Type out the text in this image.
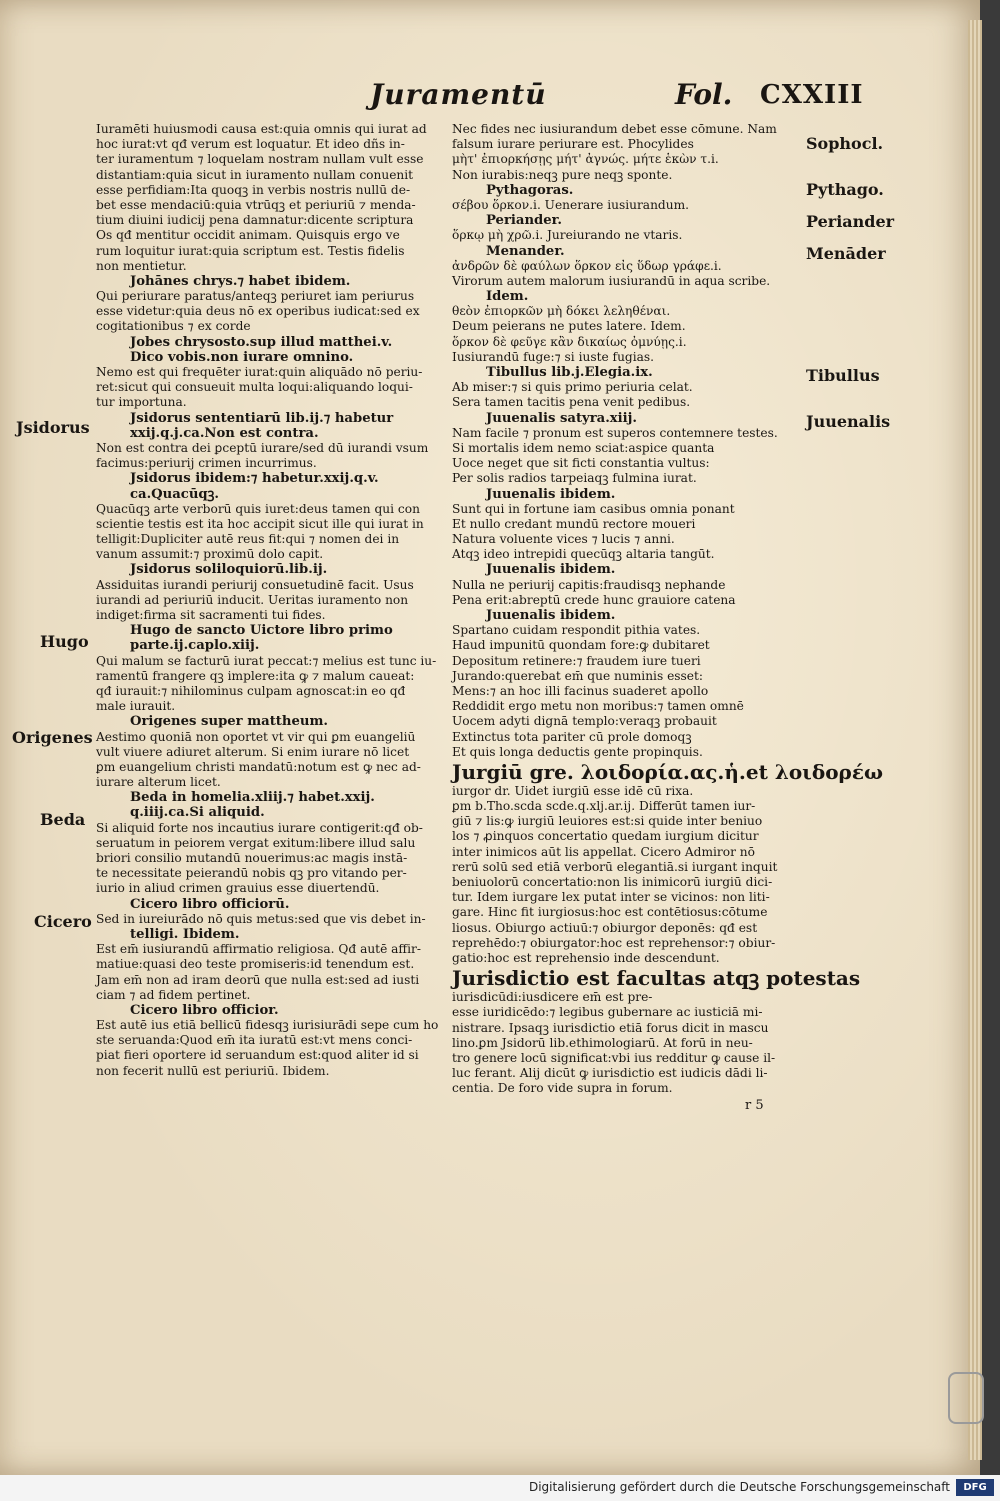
Juramentū	Fol. CXXIII
Iuramēti huiusmodi causa est:quia omnis qui iurat ad
hoc iurat:vt qđ verum est loquatur. Et ideo dñs in-
ter iuramentum ⁊ loquelam nostram nullam vult esse
distantiam:quia sicut in iuramento nullam conuenit
esse perfidiam:Ita quoqꝫ in verbis nostris nullū de-
bet esse mendaciū:quia vtrūqꝫ et periuriū ⁊ menda-
tium diuini iudicij pena damnatur:dicente scriptura
Os qđ mentitur occidit animam. Quisquis ergo ve
rum loquitur iurat:quia scriptum est. Testis fidelis
non mentietur.
Johānes chrys.⁊ habet ibidem.
Qui periurare paratus/anteqꝫ periuret iam periurus
esse videtur:quia deus nō ex operibus iudicat:sed ex
cogitationibus ⁊ ex corde
Jobes chrysosto.sup illud matthei.v.
Dico vobis.non iurare omnino.
Nemo est qui frequēter iurat:quin aliquādo nō periu-
ret:sicut qui consueuit multa loqui:aliquando loqui-
tur importuna.
Jsidorus sententiarū lib.ij.⁊ habetur
xxij.q.j.ca.Non est contra.
Non est contra dei ꝑceptū iurare/sed dū iurandi vsum
facimus:periurij crimen incurrimus.
Jsidorus ibidem:⁊ habetur.xxij.q.v.
ca.Quacūqꝫ.
Quacūqꝫ arte verborū quis iuret:deus tamen qui con
scientie testis est ita hoc accipit sicut ille qui iurat in
telligit:Dupliciter autē reus fit:qui ⁊ nomen dei in
vanum assumit:⁊ proximū dolo capit.
Jsidorus soliloquiorū.lib.ij.
Assiduitas iurandi periurij consuetudinē facit. Usus
iurandi ad periuriū inducit. Ueritas iuramento non
indiget:firma sit sacramenti tui fides.
Hugo de sancto Uictore libro primo
parte.ij.caplo.xiij.
Qui malum se facturū iurat peccat:⁊ melius est tunc iu-
ramentū frangere qꝫ implere:ita ꝙ ⁊ malum caueat:
qđ iurauit:⁊ nihilominus culpam agnoscat:in eo qđ
male iurauit.
Origenes super mattheum.
Aestimo quoniā non oportet vt vir qui ꝑm euangeliū
vult viuere adiuret alterum. Si enim iurare nō licet
ꝑm euangelium christi mandatū:notum est ꝙ nec ad-
iurare alterum licet.
Beda in homelia.xliij.⁊ habet.xxij.
q.iiij.ca.Si aliquid.
Si aliquid forte nos incautius iurare contigerit:qđ ob-
seruatum in peiorem vergat exitum:libere illud salu
briori consilio mutandū nouerimus:ac magis instā-
te necessitate peierandū nobis qꝫ pro vitando per-
iurio in aliud crimen grauius esse diuertendū.
Cicero libro officiorū.
Sed in iureiurādo nō quis metus:sed que vis debet in-
telligi. Ibidem.
Est em̄ iusiurandū affirmatio religiosa. Qđ autē affir-
matiue:quasi deo teste promiseris:id tenendum est.
Jam em̄ non ad iram deorū que nulla est:sed ad iusti
ciam ⁊ ad fidem pertinet.
Cicero libro officior.
Est autē ius etiā bellicū fidesqꝫ iurisiurādi sepe cum ho
ste seruanda:Quod em̄ ita iuratū est:vt mens conci-
piat fieri oportere id seruandum est:quod aliter id si
non fecerit nullū est periuriū. Ibidem.
Nec fides nec iusiurandum debet esse cōmune. Nam
falsum iurare periurare est. Phocylides
μὴτ' ἐπιορκήσῃς μήτ' ἀγνώς. μήτε ἑκὼν τ.i.
Non iurabis:neqꝫ pure neqꝫ sponte.
Pythagoras.
σέβου ὅρκον.i. Uenerare iusiurandum.
Periander.
ὅρκῳ μὴ χρῶ.i. Jureiurando ne vtaris.
Menander.
ἀνδρῶν δὲ φαύλων ὅρκον εἰς ὕδωρ γράφε.i.
Virorum autem malorum iusiurandū in aqua scribe.
Idem.
θεὸν ἐπιορκῶν μὴ δόκει λεληθέναι.
Deum peierans ne putes latere. Idem.
ὅρκον δὲ φεῦγε κἂν δικαίως ὀμνύῃς.i.
Iusiurandū fuge:⁊ si iuste fugias.
Tibullus lib.j.Elegia.ix.
Ab miser:⁊ si quis primo periuria celat.
Sera tamen tacitis pena venit pedibus.
Juuenalis satyra.xiij.
Nam facile ⁊ pronum est superos contemnere testes.
Si mortalis idem nemo sciat:aspice quanta
Uoce neget que sit ficti constantia vultus:
Per solis radios tarpeiaqꝫ fulmina iurat.
Juuenalis ibidem.
Sunt qui in fortune iam casibus omnia ponant
Et nullo credant mundū rectore moueri
Natura voluente vices ⁊ lucis ⁊ anni.
Atqꝫ ideo intrepidi quecūqꝫ altaria tangūt.
Juuenalis ibidem.
Nulla ne periurij capitis:fraudisqꝫ nephande
Pena erit:abreptū crede hunc grauiore catena
Juuenalis ibidem.
Spartano cuidam respondit pithia vates.
Haud impunitū quondam fore:ꝙ dubitaret
Depositum retinere:⁊ fraudem iure tueri
Jurando:querebat em̄ que numinis esset:
Mens:⁊ an hoc illi facinus suaderet apollo
Reddidit ergo metu non moribus:⁊ tamen omnē
Uocem adyti dignā templo:veraqꝫ probauit
Extinctus tota pariter cū prole domoqꝫ
Et quis longa deductis gente propinquis.
Jurgiū gre. λοιδορία.ας.ἡ.et λοιδορέω
iurgor dr. Uidet iurgiū esse idē cū rixa.
ꝑm b.Tho.scda scde.q.xlj.ar.ij. Differūt tamen iur-
giū ⁊ lis:ꝙ iurgiū leuiores est:si quide inter beniuo
los ⁊ ꝓinquos concertatio quedam iurgium dicitur
inter inimicos aūt lis appellat. Cicero Admiror nō
rerū solū sed etiā verborū elegantiā.si iurgant inquit
beniuolorū concertatio:non lis inimicorū iurgiū dici-
tur. Idem iurgare lex putat inter se vicinos: non liti-
gare. Hinc fit iurgiosus:hoc est contētiosus:cōtume
liosus. Obiurgo actiuū:⁊ obiurgor deponēs: qđ est
reprehēdo:⁊ obiurgator:hoc est reprehensor:⁊ obiur-
gatio:hoc est reprehensio inde descendunt.
Jurisdictio est facultas atqꝫ potestas
iurisdicūdi:iusdicere em̄ est pre-
esse iuridicēdo:⁊ legibus gubernare ac iusticiā mi-
nistrare. Ipsaqꝫ iurisdictio etiā forus dicit in mascu
lino.ꝑm Jsidorū lib.ethimologiarū. At forū in neu-
tro genere locū significat:vbi ius redditur ꝙ cause il-
luc ferant. Alij dicūt ꝙ iurisdictio est iudicis dādi li-
centia. De foro vide supra in forum.
Sophocl.
Pythago.
Periander
Menāder
Tibullus
Juuenalis
Jsidorus
Hugo
Origenes
Beda
Cicero
r 5
Digitalisierung gefördert durch die Deutsche Forschungsgemeinschaft	DFG
